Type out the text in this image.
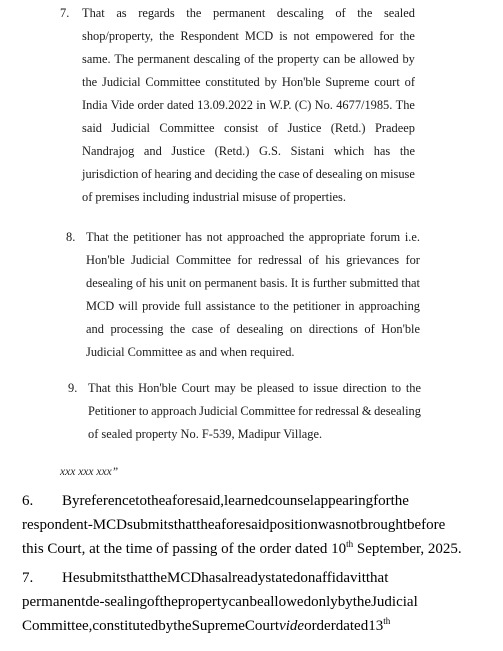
7. That as regards the permanent descaling of the sealed
shop/property, the Respondent MCD is not empowered for the
same. The permanent descaling of the property can be allowed by
the Judicial Committee constituted by Hon'ble Supreme court of
India Vide order dated 13.09.2022 in W.P. (C) No. 4677/1985. The
said Judicial Committee consist of Justice (Retd.) Pradeep
Nandrajog and Justice (Retd.) G.S. Sistani which has the
jurisdiction of hearing and deciding the case of desealing on misuse
of premises including industrial misuse of properties.
8. That the petitioner has not approached the appropriate forum i.e.
Hon'ble Judicial Committee for redressal of his grievances for
desealing of his unit on permanent basis. It is further submitted that
MCD will provide full assistance to the petitioner in approaching
and processing the case of desealing on directions of Hon'ble
Judicial Committee as and when required.
9. That this Hon'ble Court may be pleased to issue direction to the
Petitioner to approach Judicial Committee for redressal & desealing
of sealed property No. F-539, Madipur Village.
xxx xxx xxx”
6. Byreferencetotheaforesaid,learnedcounselappearingforthe
respondent-MCDsubmitsthattheaforesaidpositionwasnotbroughtbefore
this Court, at the time of passing of the order dated 10th September, 2025.
7. HesubmitsthattheMCDhasalreadystatedonaffidavitthat
permanentde-sealingofthepropertycanbeallowedonlybytheJudicial
Committee,constitutedbytheSupremeCourtvideorderdated13th
